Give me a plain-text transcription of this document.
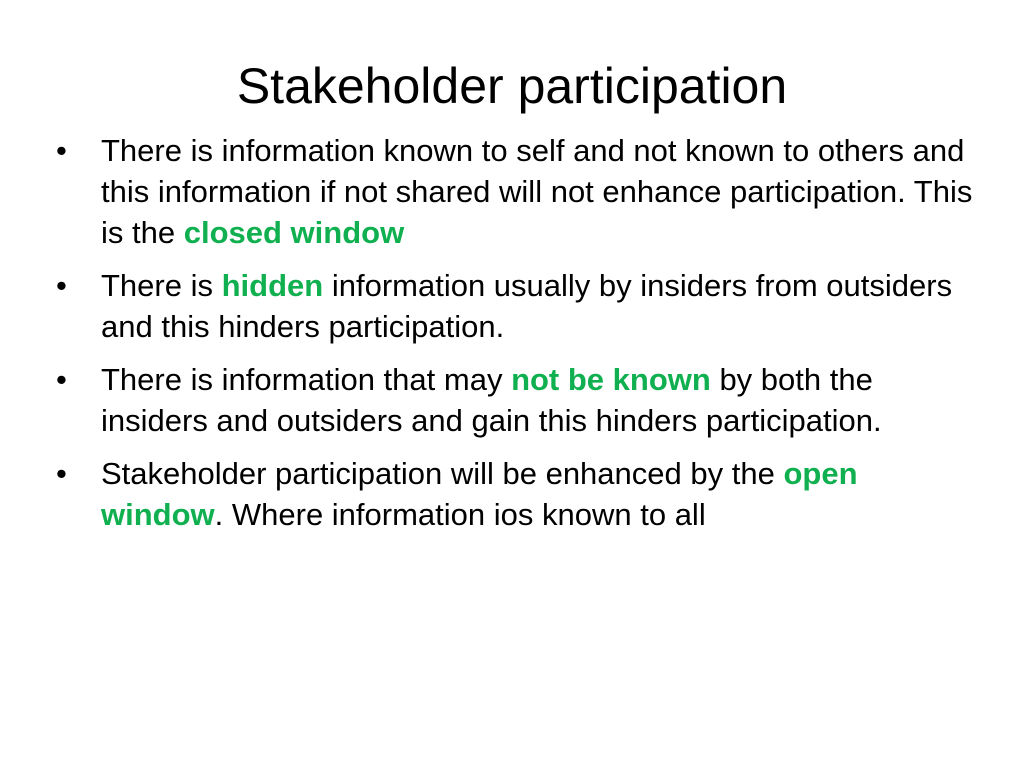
Stakeholder participation
• There is information known to self and not known to others and this information if not shared will not enhance participation. This is the closed window
• There is hidden information usually by insiders from outsiders and this hinders participation.
• There is information that may not be known by both the insiders and outsiders and gain this hinders participation.
• Stakeholder participation will be enhanced by the open window. Where information ios known to all
